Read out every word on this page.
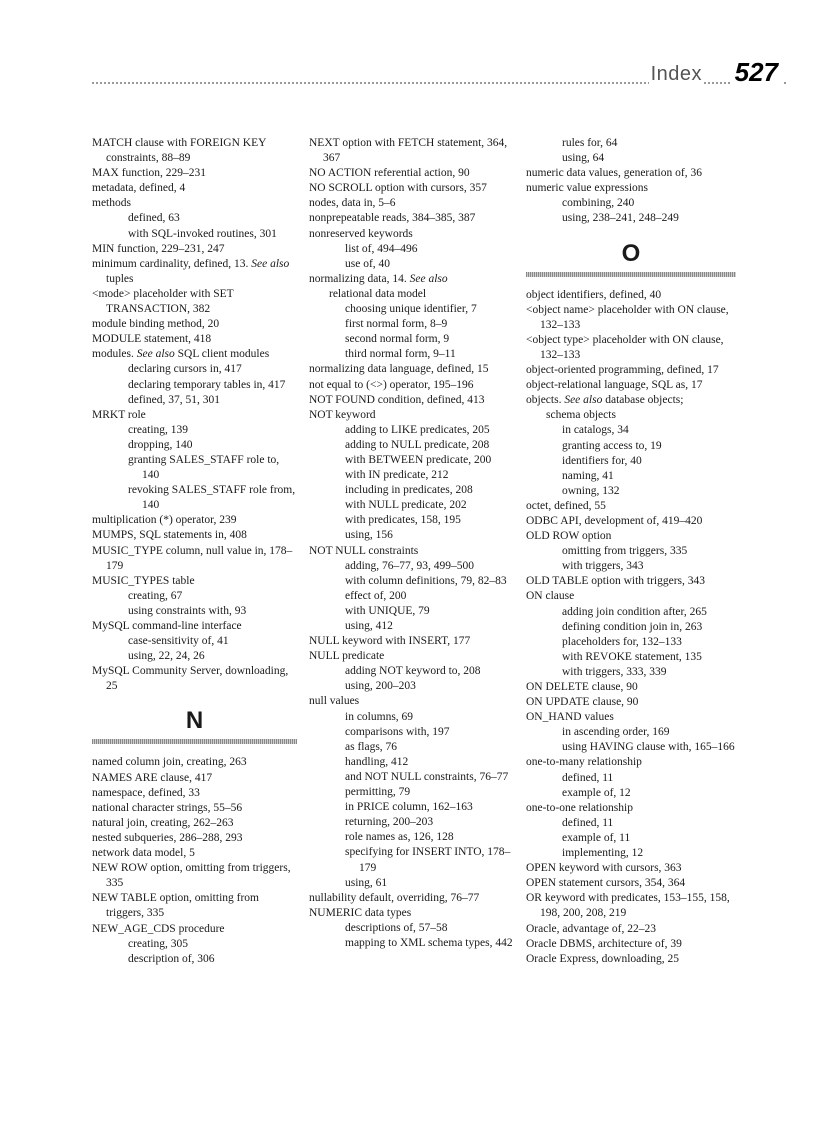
Index 527
MATCH clause with FOREIGN KEY constraints, 88–89
MAX function, 229–231
metadata, defined, 4
methods
defined, 63
with SQL-invoked routines, 301
MIN function, 229–231, 247
minimum cardinality, defined, 13. See also tuples
<mode> placeholder with SET TRANSACTION, 382
module binding method, 20
MODULE statement, 418
modules. See also SQL client modules
declaring cursors in, 417
declaring temporary tables in, 417
defined, 37, 51, 301
MRKT role
creating, 139
dropping, 140
granting SALES_STAFF role to, 140
revoking SALES_STAFF role from, 140
multiplication (*) operator, 239
MUMPS, SQL statements in, 408
MUSIC_TYPE column, null value in, 178–179
MUSIC_TYPES table
creating, 67
using constraints with, 93
MySQL command-line interface
case-sensitivity of, 41
using, 22, 24, 26
MySQL Community Server, downloading, 25
N
named column join, creating, 263
NAMES ARE clause, 417
namespace, defined, 33
national character strings, 55–56
natural join, creating, 262–263
nested subqueries, 286–288, 293
network data model, 5
NEW ROW option, omitting from triggers, 335
NEW TABLE option, omitting from triggers, 335
NEW_AGE_CDS procedure
creating, 305
description of, 306
NEXT option with FETCH statement, 364, 367
NO ACTION referential action, 90
NO SCROLL option with cursors, 357
nodes, data in, 5–6
nonprepeatable reads, 384–385, 387
nonreserved keywords
list of, 494–496
use of, 40
normalizing data, 14. See also
relational data model
choosing unique identifier, 7
first normal form, 8–9
second normal form, 9
third normal form, 9–11
normalizing data language, defined, 15
not equal to (<>) operator, 195–196
NOT FOUND condition, defined, 413
NOT keyword
adding to LIKE predicates, 205
adding to NULL predicate, 208
with BETWEEN predicate, 200
with IN predicate, 212
including in predicates, 208
with NULL predicate, 202
with predicates, 158, 195
using, 156
NOT NULL constraints
adding, 76–77, 93, 499–500
with column definitions, 79, 82–83
effect of, 200
with UNIQUE, 79
using, 412
NULL keyword with INSERT, 177
NULL predicate
adding NOT keyword to, 208
using, 200–203
null values
in columns, 69
comparisons with, 197
as flags, 76
handling, 412
and NOT NULL constraints, 76–77
permitting, 79
in PRICE column, 162–163
returning, 200–203
role names as, 126, 128
specifying for INSERT INTO, 178–179
using, 61
nullability default, overriding, 76–77
NUMERIC data types
descriptions of, 57–58
mapping to XML schema types, 442
rules for, 64
using, 64
numeric data values, generation of, 36
numeric value expressions
combining, 240
using, 238–241, 248–249
O
object identifiers, defined, 40
<object name> placeholder with ON clause, 132–133
<object type> placeholder with ON clause, 132–133
object-oriented programming, defined, 17
object-relational language, SQL as, 17
objects. See also database objects;
schema objects
in catalogs, 34
granting access to, 19
identifiers for, 40
naming, 41
owning, 132
octet, defined, 55
ODBC API, development of, 419–420
OLD ROW option
omitting from triggers, 335
with triggers, 343
OLD TABLE option with triggers, 343
ON clause
adding join condition after, 265
defining condition join in, 263
placeholders for, 132–133
with REVOKE statement, 135
with triggers, 333, 339
ON DELETE clause, 90
ON UPDATE clause, 90
ON_HAND values
in ascending order, 169
using HAVING clause with, 165–166
one-to-many relationship
defined, 11
example of, 12
one-to-one relationship
defined, 11
example of, 11
implementing, 12
OPEN keyword with cursors, 363
OPEN statement cursors, 354, 364
OR keyword with predicates, 153–155, 158, 198, 200, 208, 219
Oracle, advantage of, 22–23
Oracle DBMS, architecture of, 39
Oracle Express, downloading, 25
